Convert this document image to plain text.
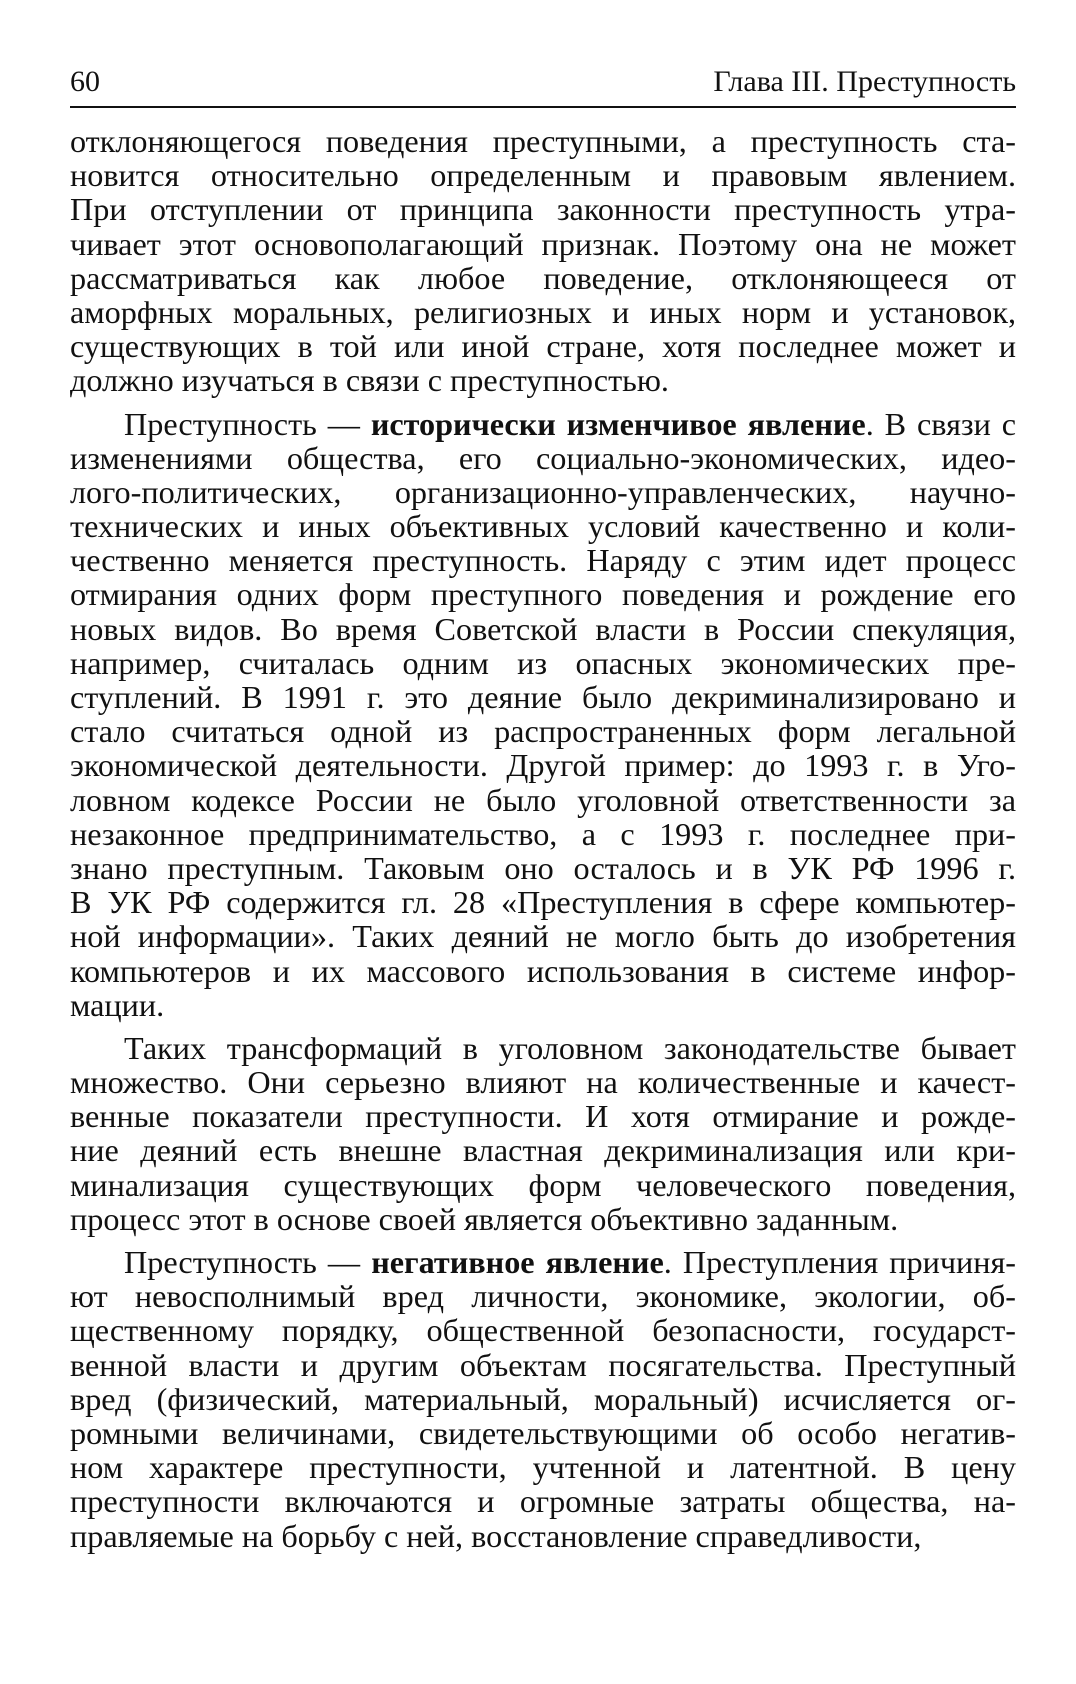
60	Глава III. Преступность
отклоняющегося поведения преступными, а преступность ста-
новится относительно определенным и правовым явлением.
При отступлении от принципа законности преступность утра-
чивает этот основополагающий признак. Поэтому она не может
рассматриваться как любое поведение, отклоняющееся от
аморфных моральных, религиозных и иных норм и установок,
существующих в той или иной стране, хотя последнее может и
должно изучаться в связи с преступностью.
Преступность — исторически изменчивое явление. В связи с
изменениями общества, его социально-экономических, идео-
лого-политических, организационно-управленческих, научно-
технических и иных объективных условий качественно и коли-
чественно меняется преступность. Наряду с этим идет процесс
отмирания одних форм преступного поведения и рождение его
новых видов. Во время Советской власти в России спекуляция,
например, считалась одним из опасных экономических пре-
ступлений. В 1991 г. это деяние было декриминализировано и
стало считаться одной из распространенных форм легальной
экономической деятельности. Другой пример: до 1993 г. в Уго-
ловном кодексе России не было уголовной ответственности за
незаконное предпринимательство, а с 1993 г. последнее при-
знано преступным. Таковым оно осталось и в УК РФ 1996 г.
В УК РФ содержится гл. 28 «Преступления в сфере компьютер-
ной информации». Таких деяний не могло быть до изобретения
компьютеров и их массового использования в системе инфор-
мации.
Таких трансформаций в уголовном законодательстве бывает
множество. Они серьезно влияют на количественные и качест-
венные показатели преступности. И хотя отмирание и рожде-
ние деяний есть внешне властная декриминализация или кри-
минализация существующих форм человеческого поведения,
процесс этот в основе своей является объективно заданным.
Преступность — негативное явление. Преступления причиня-
ют невосполнимый вред личности, экономике, экологии, об-
щественному порядку, общественной безопасности, государст-
венной власти и другим объектам посягательства. Преступный
вред (физический, материальный, моральный) исчисляется ог-
ромными величинами, свидетельствующими об особо негатив-
ном характере преступности, учтенной и латентной. В цену
преступности включаются и огромные затраты общества, на-
правляемые на борьбу с ней, восстановление справедливости,
